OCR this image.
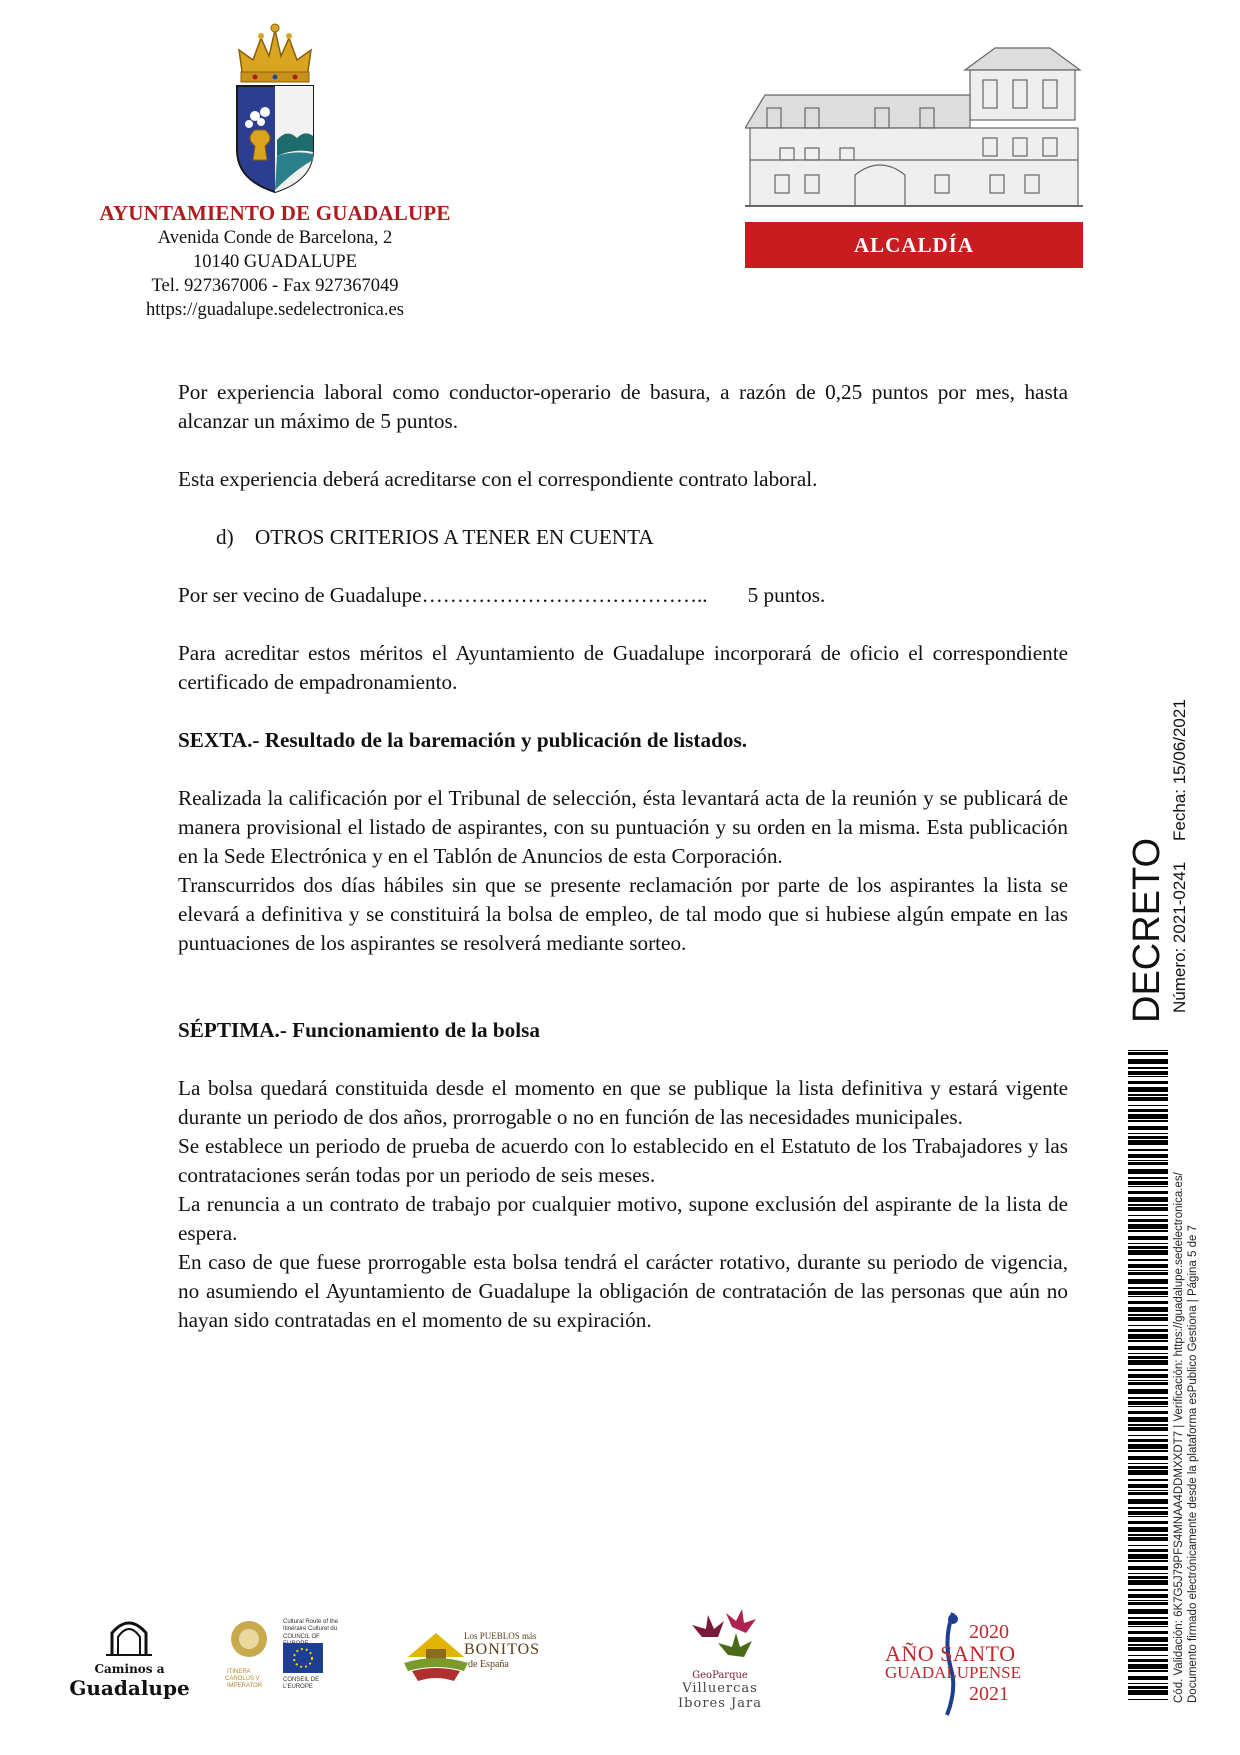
AYUNTAMIENTO DE GUADALUPE
Avenida Conde de Barcelona, 2
10140 GUADALUPE
Tel. 927367006 - Fax 927367049
https://guadalupe.sedelectronica.es
ALCALDÍA

Por experiencia laboral como conductor-operario de basura, a razón de 0,25 puntos por mes, hasta alcanzar un máximo de 5 puntos.

Esta experiencia deberá acreditarse con el correspondiente contrato laboral.

d) OTROS CRITERIOS A TENER EN CUENTA

Por ser vecino de Guadalupe………………………………….. 5 puntos.

Para acreditar estos méritos el Ayuntamiento de Guadalupe incorporará de oficio el correspondiente certificado de empadronamiento.

SEXTA.- Resultado de la baremación y publicación de listados.

Realizada la calificación por el Tribunal de selección, ésta levantará acta de la reunión y se publicará de manera provisional el listado de aspirantes, con su puntuación y su orden en la misma. Esta publicación en la Sede Electrónica y en el Tablón de Anuncios de esta Corporación.

Transcurridos dos días hábiles sin que se presente reclamación por parte de los aspirantes la lista se elevará a definitiva y se constituirá la bolsa de empleo, de tal modo que si hubiese algún empate en las puntuaciones de los aspirantes se resolverá mediante sorteo.

SÉPTIMA.- Funcionamiento de la bolsa

La bolsa quedará constituida desde el momento en que se publique la lista definitiva y estará vigente durante un periodo de dos años, prorrogable o no en función de las necesidades municipales.

Se establece un periodo de prueba de acuerdo con lo establecido en el Estatuto de los Trabajadores y las contrataciones serán todas por un periodo de seis meses.

La renuncia a un contrato de trabajo por cualquier motivo, supone exclusión del aspirante de la lista de espera.

En caso de que fuese prorrogable esta bolsa tendrá el carácter rotativo, durante su periodo de vigencia, no asumiendo el Ayuntamiento de Guadalupe la obligación de contratación de las personas que aún no hayan sido contratadas en el momento de su expiración.

DECRETO Número: 2021-0241
Fecha: 15/06/2021
Cód. Validación: 6K7G5J79PFS4MNAA4DDMXXDT7 | Verificación: https://guadalupe.sedelectronica.es/ Documento firmado electrónicamente desde la plataforma esPublico Gestiona | Página 5 de 7
Caminos a
Guadalupe
ITINERA
CAROLUS V
IMPERATOR
Cultural Route of the
Itinéraire Culturel du
COUNCIL OF
CONSEIL DE L'EUROPE
Los PUEBLOS más
BONITOS
de España
GeoParque
Villuercas
Ibores Jara
2020
AÑO SANTO
GUADALUPENSE
2021
